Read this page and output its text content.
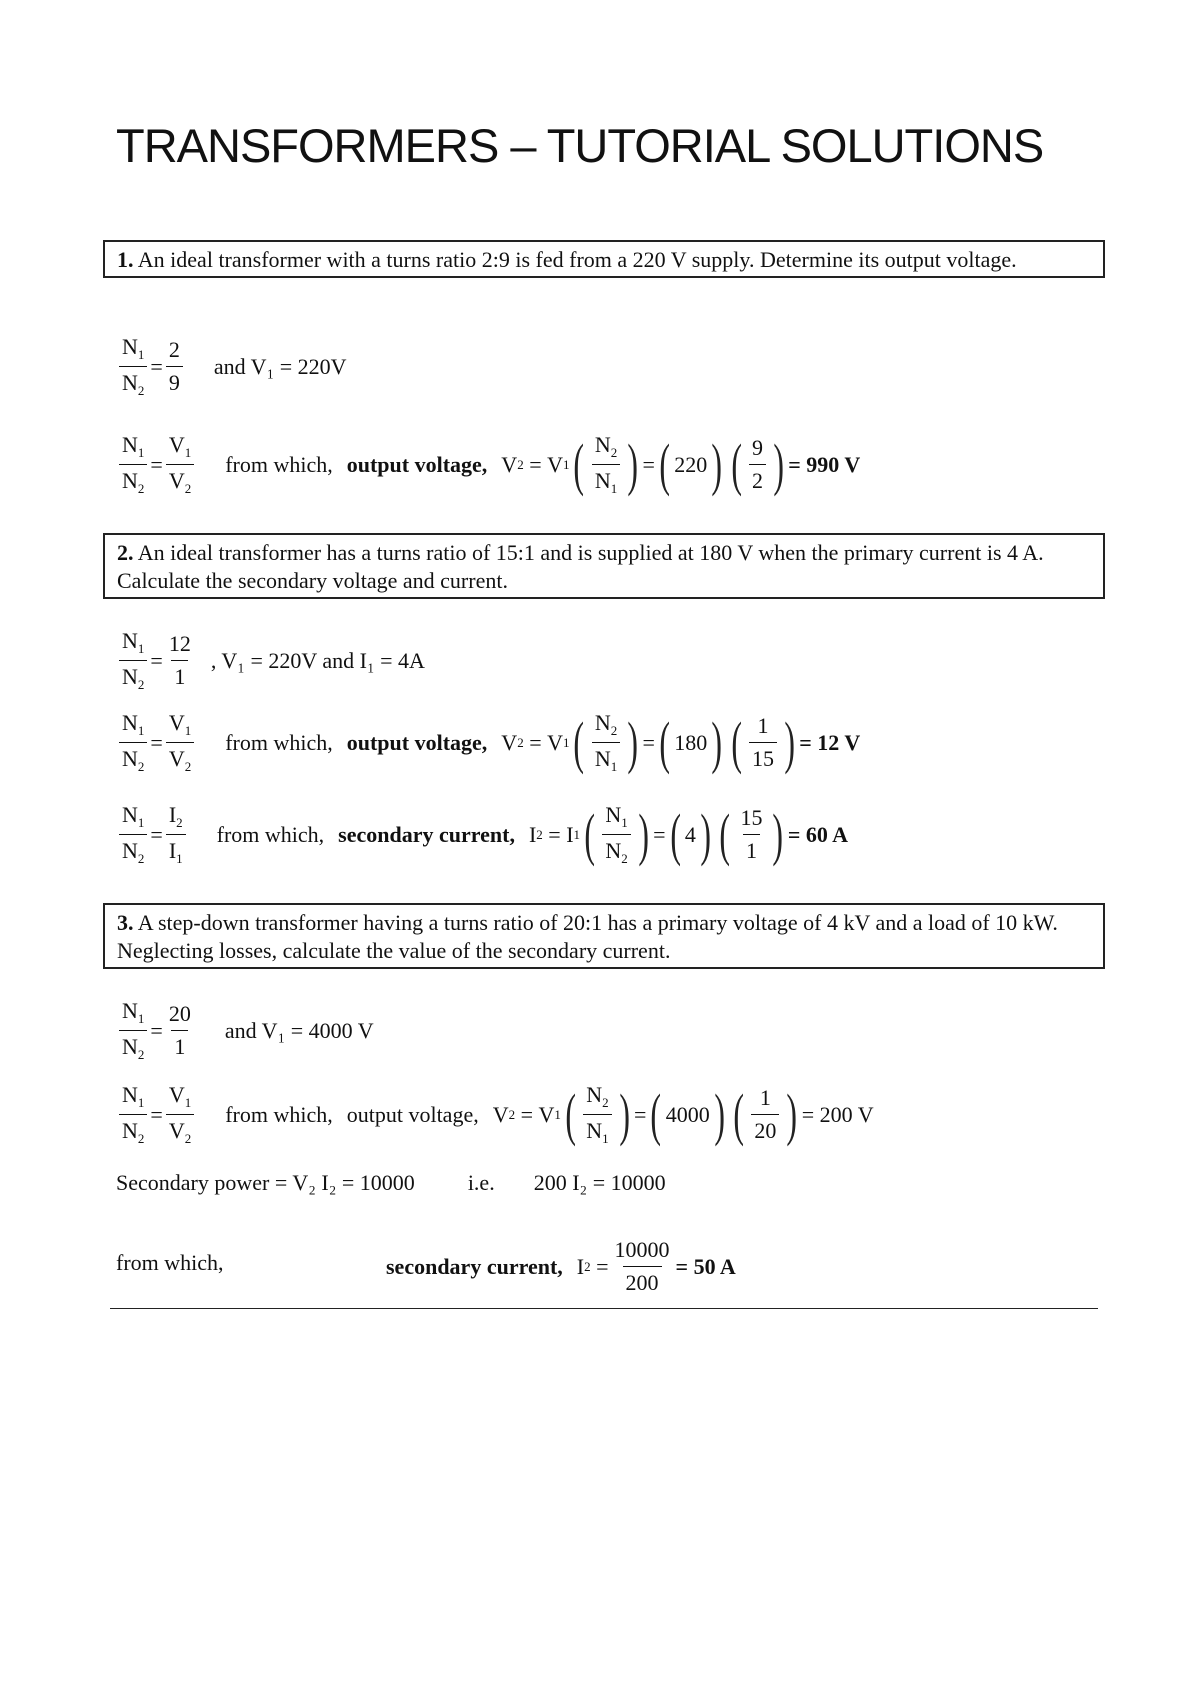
TRANSFORMERS – TUTORIAL SOLUTIONS
1. An ideal transformer with a turns ratio 2:9 is fed from a 220 V supply. Determine its output voltage.
$\frac{N_1}{N_2} = \frac{2}{9}$ and V₁ = 220V
$\frac{N_1}{N_2} = \frac{V_1}{V_2}$ from which, output voltage, V 2 = V 1 ( $\frac{N_2}{N_1}$ ) = ( 220 ) ( $\frac{9}{2}$ ) = 990 V
2. An ideal transformer has a turns ratio of 15:1 and is supplied at 180 V when the primary current is 4 A. Calculate the secondary voltage and current.
$\frac{N_1}{N_2} = \frac{12}{1}$ , V₁ = 220V and I₁ = 4A
$\frac{N_1}{N_2} = \frac{V_1}{V_2}$ from which, output voltage, V 2 = V 1 ( $\frac{N_2}{N_1}$ ) = ( 180 ) ( $\frac{1}{15}$ ) = 12 V
$\frac{N_1}{N_2} = \frac{I_2}{I_1}$ from which, secondary current, I 2 = I 1 ( $\frac{N_1}{N_2}$ ) = ( 4 ) ( $\frac{15}{1}$ ) = 60 A
3. A step-down transformer having a turns ratio of 20:1 has a primary voltage of 4 kV and a load of 10 kW. Neglecting losses, calculate the value of the secondary current.
$\frac{N_1}{N_2} = \frac{20}{1}$ and V₁ = 4000 V
$\frac{N_1}{N_2} = \frac{V_1}{V_2}$ from which, output voltage, V 2 = V 1 ( $\frac{N_2}{N_1}$ ) = ( 4000 ) ( $\frac{1}{20}$ ) = 200 V
Secondary power = V₂ I₂ = 10000 i.e. 200 I₂ = 10000
from which,	secondary current, I $2 = \frac{10000}{200} = 50$ A
